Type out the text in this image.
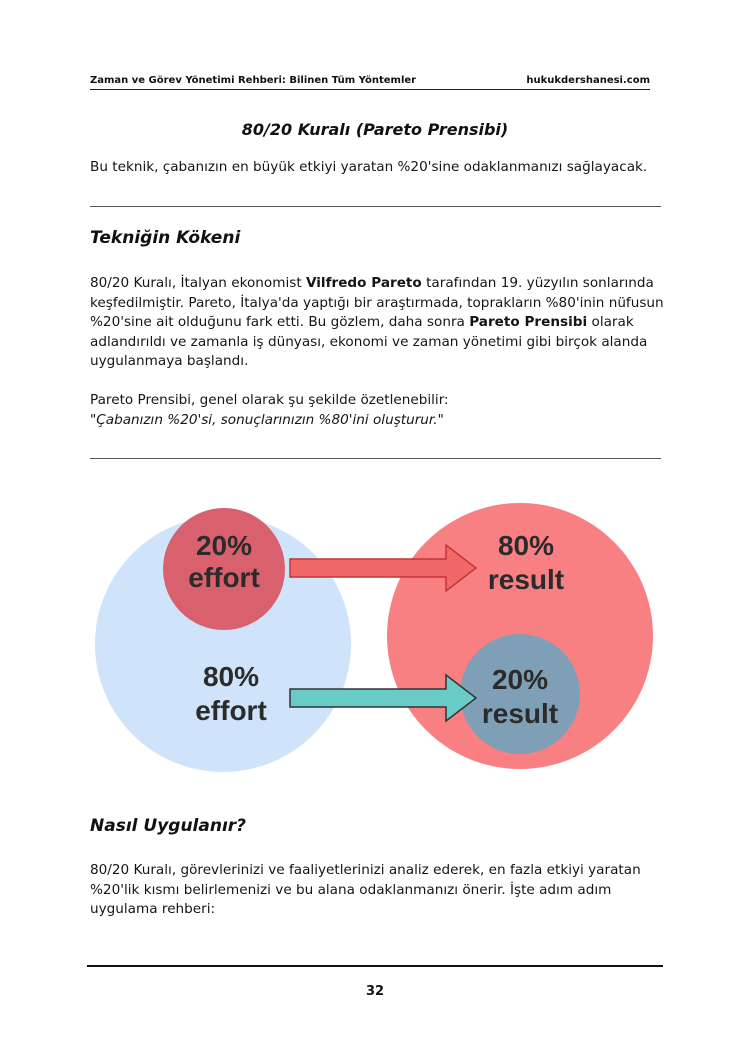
Zaman ve Görev Yönetimi Rehberi: Bilinen Tüm Yöntemler	hukukdershanesi.com
80/20 Kuralı (Pareto Prensibi)
Bu teknik, çabanızın en büyük etkiyi yaratan %20'sine odaklanmanızı sağlayacak.
Tekniğin Kökeni
80/20 Kuralı, İtalyan ekonomist Vilfredo Pareto tarafından 19. yüzyılın sonlarında keşfedilmiştir. Pareto, İtalya'da yaptığı bir araştırmada, toprakların %80'inin nüfusun %20'sine ait olduğunu fark etti. Bu gözlem, daha sonra Pareto Prensibi olarak adlandırıldı ve zamanla iş dünyası, ekonomi ve zaman yönetimi gibi birçok alanda uygulanmaya başlandı.
Pareto Prensibi, genel olarak şu şekilde özetlenebilir:
"Çabanızın %20'si, sonuçlarınızın %80'ini oluşturur."
20%
effort
80%
effort
80%
result
20%
result
Nasıl Uygulanır?
80/20 Kuralı, görevlerinizi ve faaliyetlerinizi analiz ederek, en fazla etkiyi yaratan %20'lik kısmı belirlemenizi ve bu alana odaklanmanızı önerir. İşte adım adım uygulama rehberi:
32
